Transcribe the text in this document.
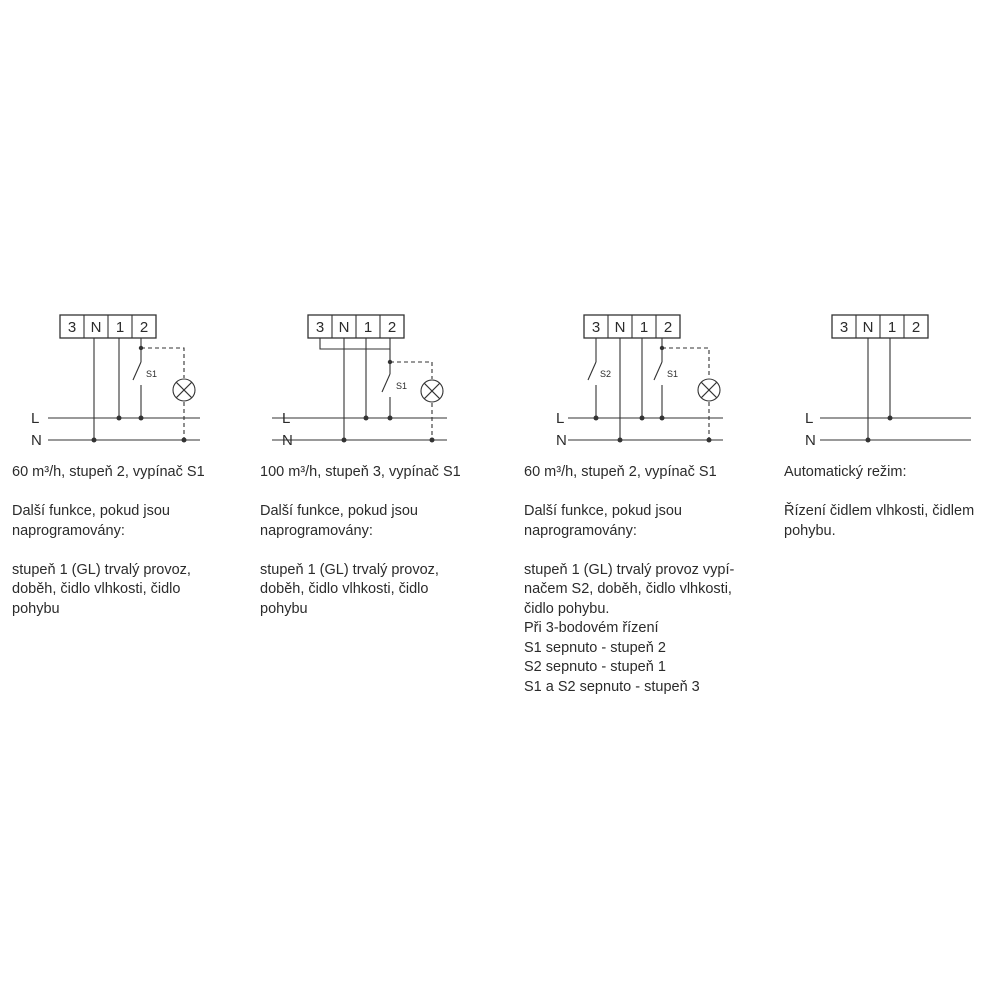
3 N 1 2	3 N 1 2	3 N 1 2	3 N 1 2
L
N
L
N
L
N
L
N
S1
S1
S2	S1

60 m³/h, stupeň 2, vypínač S1

Další funkce, pokud jsou

naprogramovány:

stupeň 1 (GL) trvalý provoz,

doběh, čidlo vlhkosti, čidlo

pohybu

100 m³/h, stupeň 3, vypínač S1

Další funkce, pokud jsou

naprogramovány:

stupeň 1 (GL) trvalý provoz,

doběh, čidlo vlhkosti, čidlo

pohybu

60 m³/h, stupeň 2, vypínač S1

Další funkce, pokud jsou

naprogramovány:

stupeň 1 (GL) trvalý provoz vypí-

načem S2, doběh, čidlo vlhkosti,

čidlo pohybu.

Při 3-bodovém řízení

S1 sepnuto - stupeň 2

S2 sepnuto - stupeň 1

S1 a S2 sepnuto - stupeň 3

Automatický režim:

Řízení čidlem vlhkosti, čidlem

pohybu.
